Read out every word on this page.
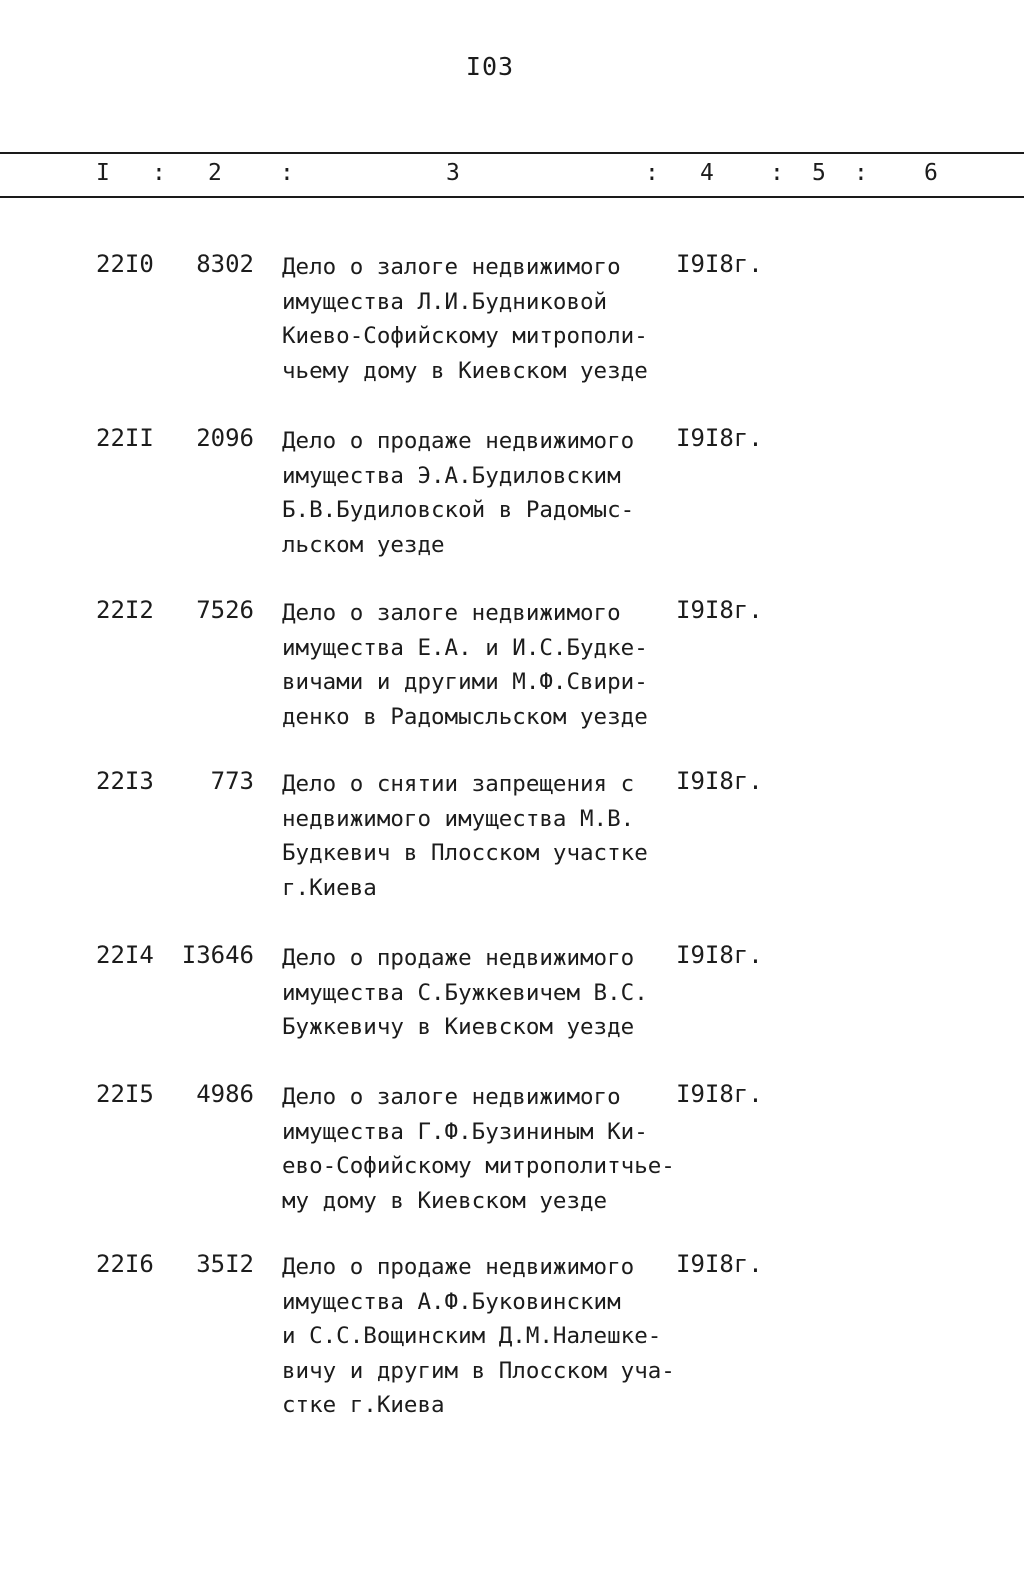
I03
I : 2	:	3	: 4 : 5 : 6
22I0 8302 Дело о залоге недвижимого
имущества Л.И.Будниковой
Киево-Софийскому митрополи-
чьему дому в Киевском уезде
I9I8г.
22II 2096 Дело о продаже недвижимого
имущества Э.А.Будиловским
Б.В.Будиловской в Радомыс-
льском уезде
I9I8г.
22I2 7526 Дело о залоге недвижимого
имущества Е.А. и И.С.Будке-
вичами и другими М.Ф.Свири-
денко в Радомысльском уезде
I9I8г.
22I3 773 Дело о снятии запрещения с
недвижимого имущества М.В.
Будкевич в Плосском участке
г.Киева
I9I8г.
22I4 I3646 Дело о продаже недвижимого
имущества С.Бужкевичем В.С.
Бужкевичу в Киевском уезде
I9I8г.
22I5 4986 Дело о залоге недвижимого
имущества Г.Ф.Бузининым Ки-
ево-Софийскому митрополитчье-
му дому в Киевском уезде
I9I8г.
22I6 35I2 Дело о продаже недвижимого
имущества А.Ф.Буковинским
и С.С.Вощинским Д.М.Налешке-
вичу и другим в Плосском уча-
стке г.Киева
I9I8г.
